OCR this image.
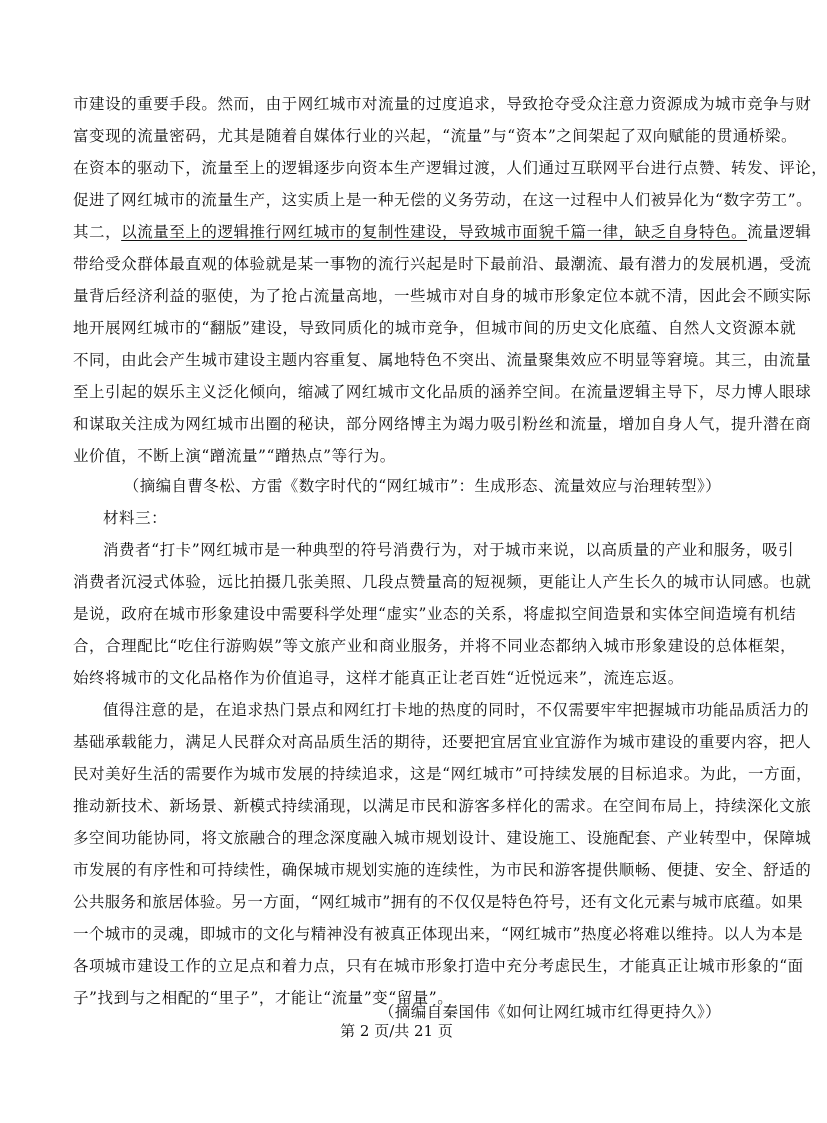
市建设的重要手段。然而，由于网红城市对流量的过度追求，导致抢夺受众注意力资源成为城市竞争与财
富变现的流量密码，尤其是随着自媒体行业的兴起，“流量”与“资本”之间架起了双向赋能的贯通桥梁。
在资本的驱动下，流量至上的逻辑逐步向资本生产逻辑过渡，人们通过互联网平台进行点赞、转发、评论，
促进了网红城市的流量生产，这实质上是一种无偿的义务劳动，在这一过程中人们被异化为“数字劳工”。
其二，以流量至上的逻辑推行网红城市的复制性建设，导致城市面貌千篇一律，缺乏自身特色。流量逻辑
带给受众群体最直观的体验就是某一事物的流行兴起是时下最前沿、最潮流、最有潜力的发展机遇，受流
量背后经济利益的驱使，为了抢占流量高地，一些城市对自身的城市形象定位本就不清，因此会不顾实际
地开展网红城市的“翻版”建设，导致同质化的城市竞争，但城市间的历史文化底蕴、自然人文资源本就
不同，由此会产生城市建设主题内容重复、属地特色不突出、流量聚集效应不明显等窘境。其三，由流量
至上引起的娱乐主义泛化倾向，缩减了网红城市文化品质的涵养空间。在流量逻辑主导下，尽力博人眼球
和谋取关注成为网红城市出圈的秘诀，部分网络博主为竭力吸引粉丝和流量，增加自身人气，提升潜在商
业价值，不断上演“蹭流量”“蹭热点”等行为。
（摘编自曹冬松、方雷《数字时代的“网红城市”：生成形态、流量效应与治理转型》）
材料三：
消费者“打卡”网红城市是一种典型的符号消费行为，对于城市来说，以高质量的产业和服务，吸引
消费者沉浸式体验，远比拍摄几张美照、几段点赞量高的短视频，更能让人产生长久的城市认同感。也就
是说，政府在城市形象建设中需要科学处理“虚实”业态的关系，将虚拟空间造景和实体空间造境有机结
合，合理配比“吃住行游购娱”等文旅产业和商业服务，并将不同业态都纳入城市形象建设的总体框架，
始终将城市的文化品格作为价值追寻，这样才能真正让老百姓“近悦远来”，流连忘返。
值得注意的是，在追求热门景点和网红打卡地的热度的同时，不仅需要牢牢把握城市功能品质活力的
基础承载能力，满足人民群众对高品质生活的期待，还要把宜居宜业宜游作为城市建设的重要内容，把人
民对美好生活的需要作为城市发展的持续追求，这是“网红城市”可持续发展的目标追求。为此，一方面，
推动新技术、新场景、新模式持续涌现，以满足市民和游客多样化的需求。在空间布局上，持续深化文旅
多空间功能协同，将文旅融合的理念深度融入城市规划设计、建设施工、设施配套、产业转型中，保障城
市发展的有序性和可持续性，确保城市规划实施的连续性，为市民和游客提供顺畅、便捷、安全、舒适的
公共服务和旅居体验。另一方面，“网红城市”拥有的不仅仅是特色符号，还有文化元素与城市底蕴。如果
一个城市的灵魂，即城市的文化与精神没有被真正体现出来，“网红城市”热度必将难以维持。以人为本是
各项城市建设工作的立足点和着力点，只有在城市形象打造中充分考虑民生，才能真正让城市形象的“面
子”找到与之相配的“里子”，才能让“流量”变“留量”。
（摘编自秦国伟《如何让网红城市红得更持久》）
第 2 页/共 21 页
